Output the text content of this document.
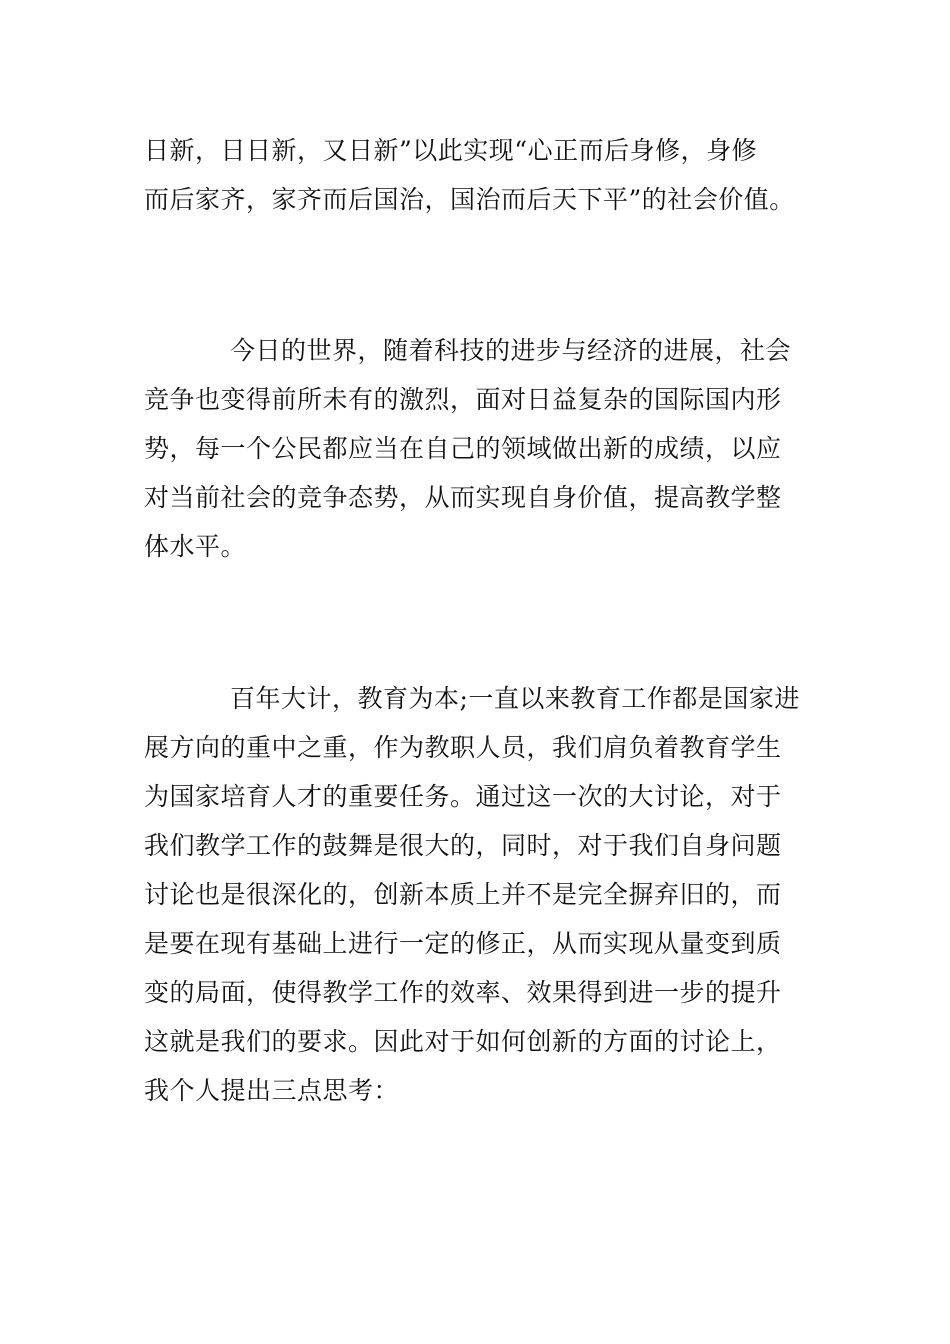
日新，日日新，又日新”以此实现“心正而后身修，身修
而后家齐，家齐而后国治，国治而后天下平”的社会价值。
今日的世界，随着科技的进步与经济的进展，社会
竞争也变得前所未有的激烈，面对日益复杂的国际国内形
势，每一个公民都应当在自己的领域做出新的成绩，以应
对当前社会的竞争态势，从而实现自身价值，提高教学整
体水平。
百年大计，教育为本;一直以来教育工作都是国家进
展方向的重中之重，作为教职人员，我们肩负着教育学生
为国家培育人才的重要任务。通过这一次的大讨论，对于
我们教学工作的鼓舞是很大的，同时，对于我们自身问题
讨论也是很深化的，创新本质上并不是完全摒弃旧的，而
是要在现有基础上进行一定的修正，从而实现从量变到质
变的局面，使得教学工作的效率、效果得到进一步的提升
这就是我们的要求。因此对于如何创新的方面的讨论上，
我个人提出三点思考：
